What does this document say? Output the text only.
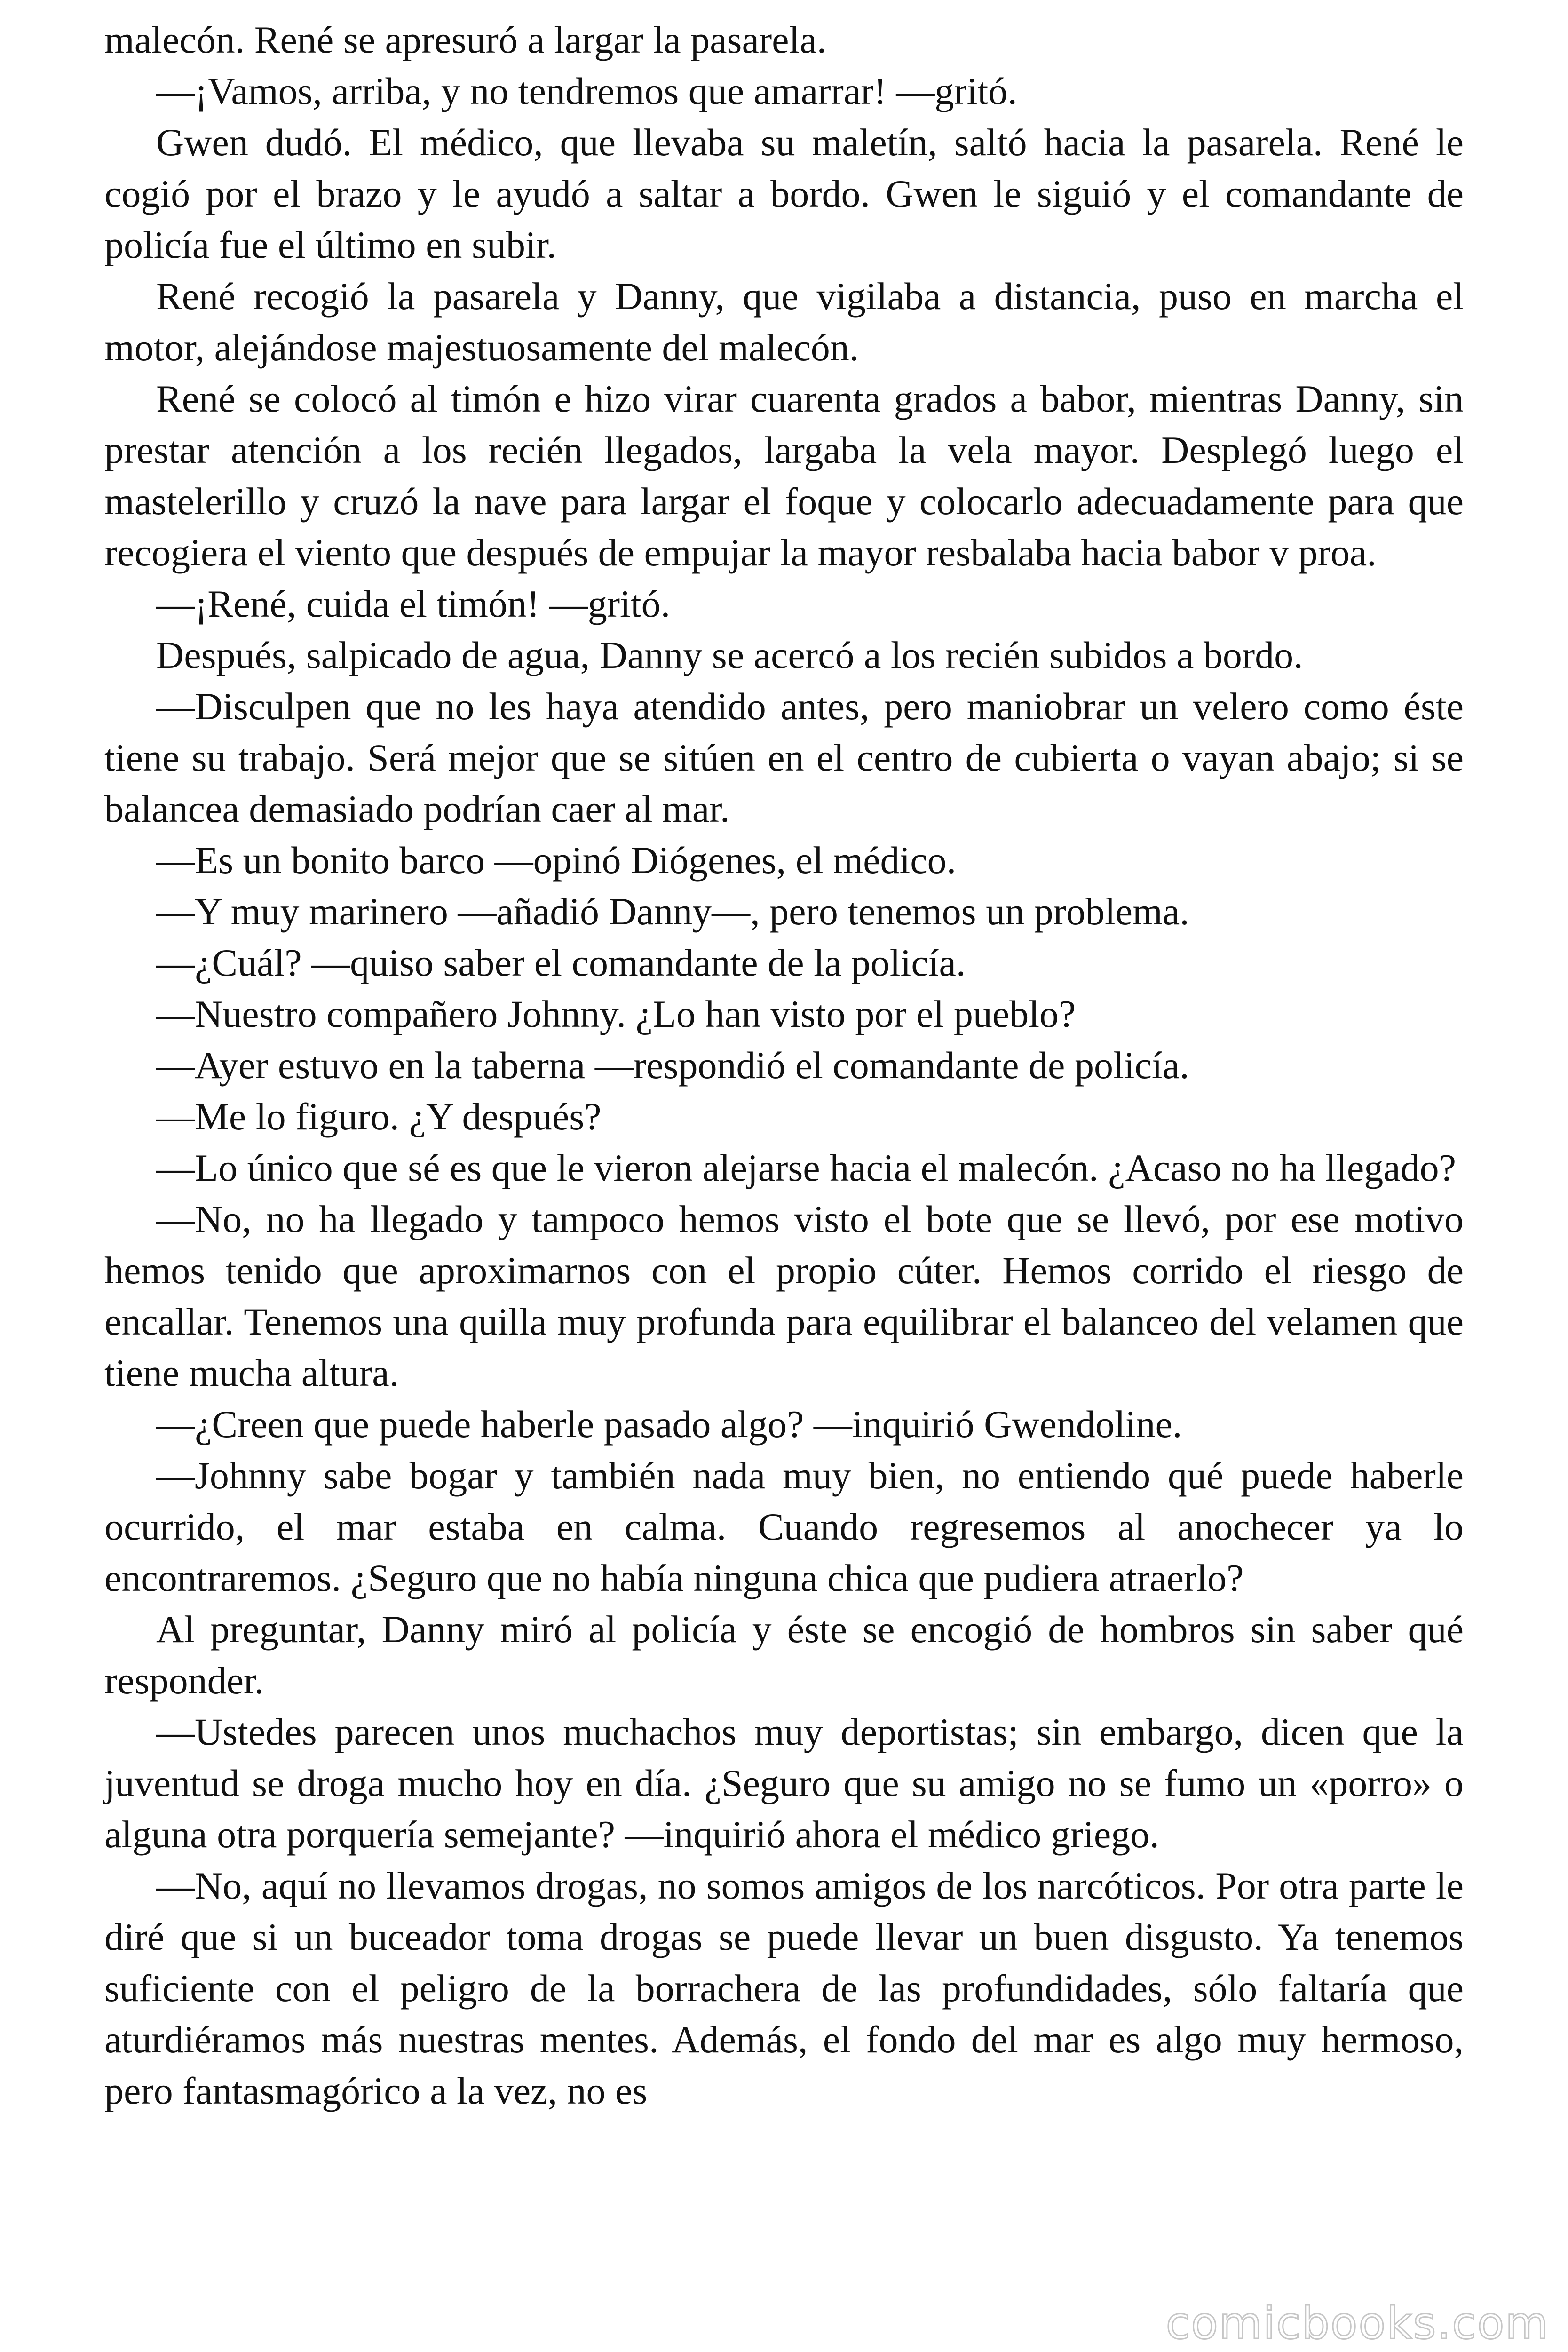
malecón. René se apresuró a largar la pasarela.

—¡Vamos, arriba, y no tendremos que amarrar! —gritó.

Gwen dudó. El médico, que llevaba su maletín, saltó hacia la pasarela. René le cogió por el brazo y le ayudó a saltar a bordo. Gwen le siguió y el comandante de policía fue el último en subir.

René recogió la pasarela y Danny, que vigilaba a distancia, puso en marcha el motor, alejándose majestuosamente del malecón.

René se colocó al timón e hizo virar cuarenta grados a babor, mientras Danny, sin prestar atención a los recién llegados, largaba la vela mayor. Desplegó luego el mastelerillo y cruzó la nave para largar el foque y colocarlo adecuadamente para que recogiera el viento que después de empujar la mayor resbalaba hacia babor v proa.

—¡René, cuida el timón! —gritó.

Después, salpicado de agua, Danny se acercó a los recién subidos a bordo.

—Disculpen que no les haya atendido antes, pero maniobrar un velero como éste tiene su trabajo. Será mejor que se sitúen en el centro de cubierta o vayan abajo; si se balancea demasiado podrían caer al mar.

—Es un bonito barco —opinó Diógenes, el médico.

—Y muy marinero —añadió Danny—, pero tenemos un problema.

—¿Cuál? —quiso saber el comandante de la policía.

—Nuestro compañero Johnny. ¿Lo han visto por el pueblo?

—Ayer estuvo en la taberna —respondió el comandante de policía.

—Me lo figuro. ¿Y después?

—Lo único que sé es que le vieron alejarse hacia el malecón. ¿Acaso no ha llegado?

—No, no ha llegado y tampoco hemos visto el bote que se llevó, por ese motivo hemos tenido que aproximarnos con el propio cúter. Hemos corrido el riesgo de encallar. Tenemos una quilla muy profunda para equilibrar el balanceo del velamen que tiene mucha altura.

—¿Creen que puede haberle pasado algo? —inquirió Gwendoline.

—Johnny sabe bogar y también nada muy bien, no entiendo qué puede haberle ocurrido, el mar estaba en calma. Cuando regresemos al anochecer ya lo encontraremos. ¿Seguro que no había ninguna chica que pudiera atraerlo?

Al preguntar, Danny miró al policía y éste se encogió de hombros sin saber qué responder.

—Ustedes parecen unos muchachos muy deportistas; sin embargo, dicen que la juventud se droga mucho hoy en día. ¿Seguro que su amigo no se fumo un «porro» o alguna otra porquería semejante? —inquirió ahora el médico griego.

—No, aquí no llevamos drogas, no somos amigos de los narcóticos. Por otra parte le diré que si un buceador toma drogas se puede llevar un buen disgusto. Ya tenemos suficiente con el peligro de la borrachera de las profundidades, sólo faltaría que aturdiéramos más nuestras mentes. Además, el fondo del mar es algo muy hermoso, pero fantasmagórico a la vez, no es

comicbooks.com
